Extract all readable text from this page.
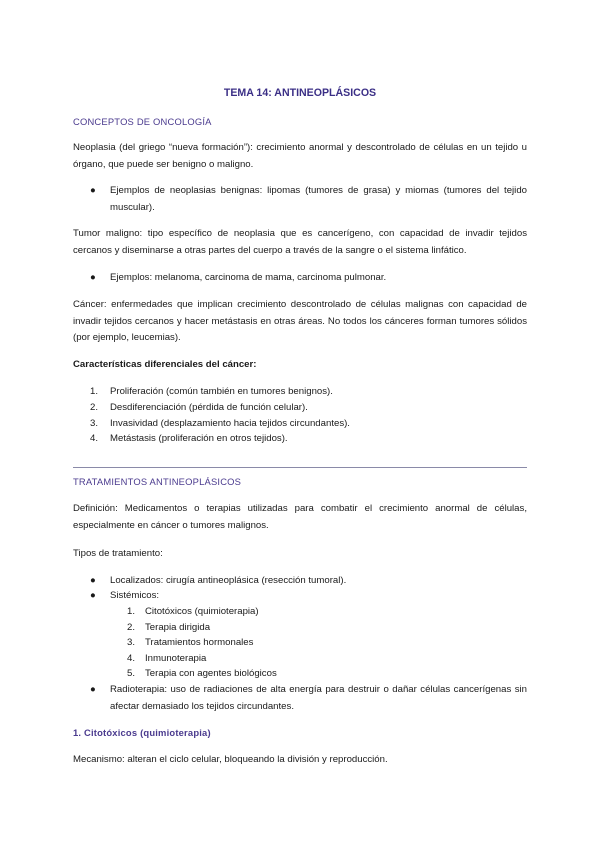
TEMA 14: ANTINEOPLÁSICOS
CONCEPTOS DE ONCOLOGÍA

Neoplasia (del griego “nueva formación”): crecimiento anormal y descontrolado de células en un tejido u órgano, que puede ser benigno o maligno.

●	Ejemplos de neoplasias benignas: lipomas (tumores de grasa) y miomas (tumores del tejido muscular).

Tumor maligno: tipo específico de neoplasia que es cancerígeno, con capacidad de invadir tejidos cercanos y diseminarse a otras partes del cuerpo a través de la sangre o el sistema linfático.

●	Ejemplos: melanoma, carcinoma de mama, carcinoma pulmonar.

Cáncer: enfermedades que implican crecimiento descontrolado de células malignas con capacidad de invadir tejidos cercanos y hacer metástasis en otras áreas. No todos los cánceres forman tumores sólidos (por ejemplo, leucemias).

Características diferenciales del cáncer:
1. Proliferación (común también en tumores benignos).
2. Desdiferenciación (pérdida de función celular).
3. Invasividad (desplazamiento hacia tejidos circundantes).
4. Metástasis (proliferación en otros tejidos).
TRATAMIENTOS ANTINEOPLÁSICOS

Definición: Medicamentos o terapias utilizadas para combatir el crecimiento anormal de células, especialmente en cáncer o tumores malignos.

Tipos de tratamiento:
●	Localizados: cirugía antineoplásica (resección tumoral).
●	Sistémicos:
1. Citotóxicos (quimioterapia)
2. Terapia dirigida
3. Tratamientos hormonales
4. Inmunoterapia
5. Terapia con agentes biológicos
●	Radioterapia: uso de radiaciones de alta energía para destruir o dañar células cancerígenas sin afectar demasiado los tejidos circundantes.
1. Citotóxicos (quimioterapia)

Mecanismo: alteran el ciclo celular, bloqueando la división y reproducción.
